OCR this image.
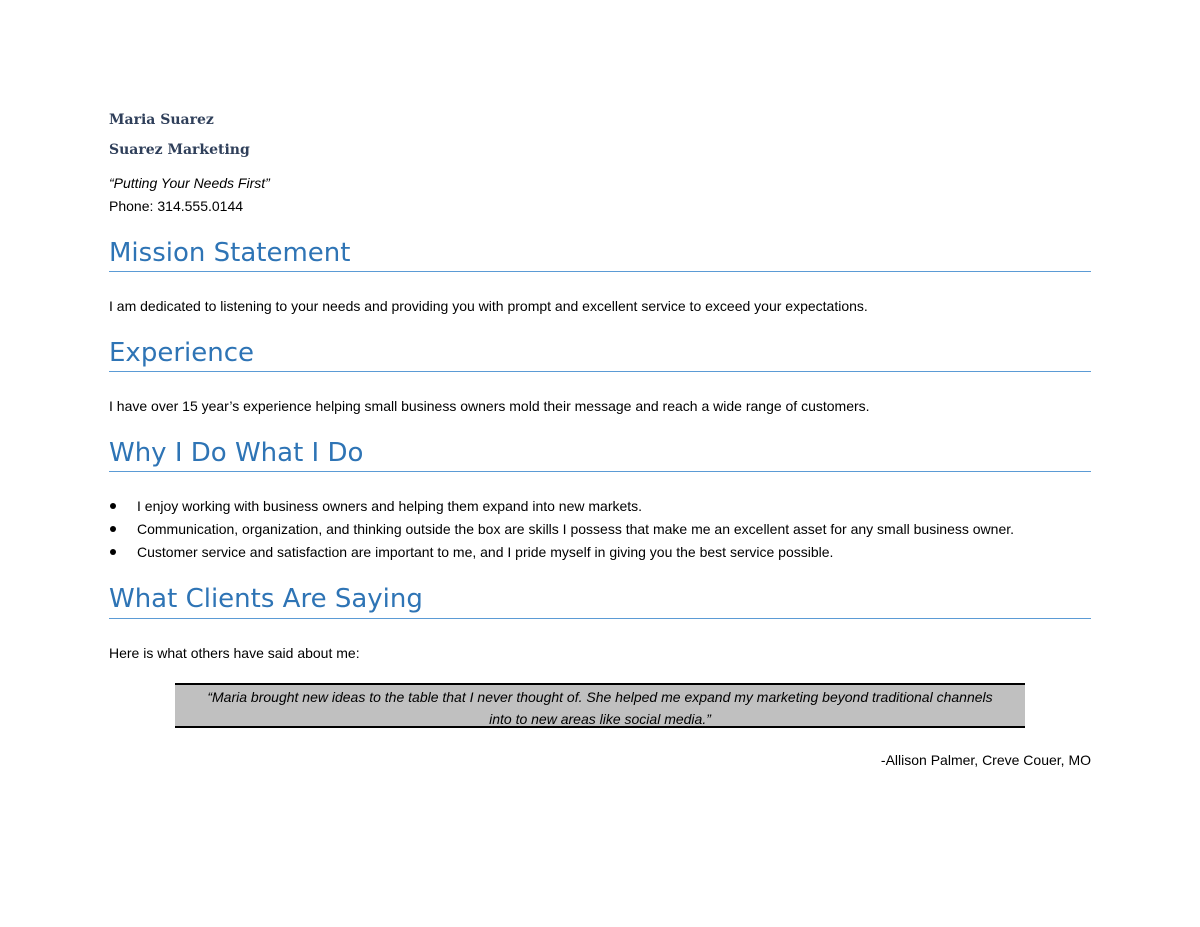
Maria Suarez
Suarez Marketing
“Putting Your Needs First”
Phone: 314.555.0144
Mission Statement
I am dedicated to listening to your needs and providing you with prompt and excellent service to exceed your expectations.
Experience
I have over 15 year’s experience helping small business owners mold their message and reach a wide range of customers.
Why I Do What I Do
I enjoy working with business owners and helping them expand into new markets.
Communication, organization, and thinking outside the box are skills I possess that make me an excellent asset for any small business owner.
Customer service and satisfaction are important to me, and I pride myself in giving you the best service possible.
What Clients Are Saying
Here is what others have said about me:
“Maria brought new ideas to the table that I never thought of. She helped me expand my marketing beyond traditional channels
into to new areas like social media.”
-Allison Palmer, Creve Couer, MO
